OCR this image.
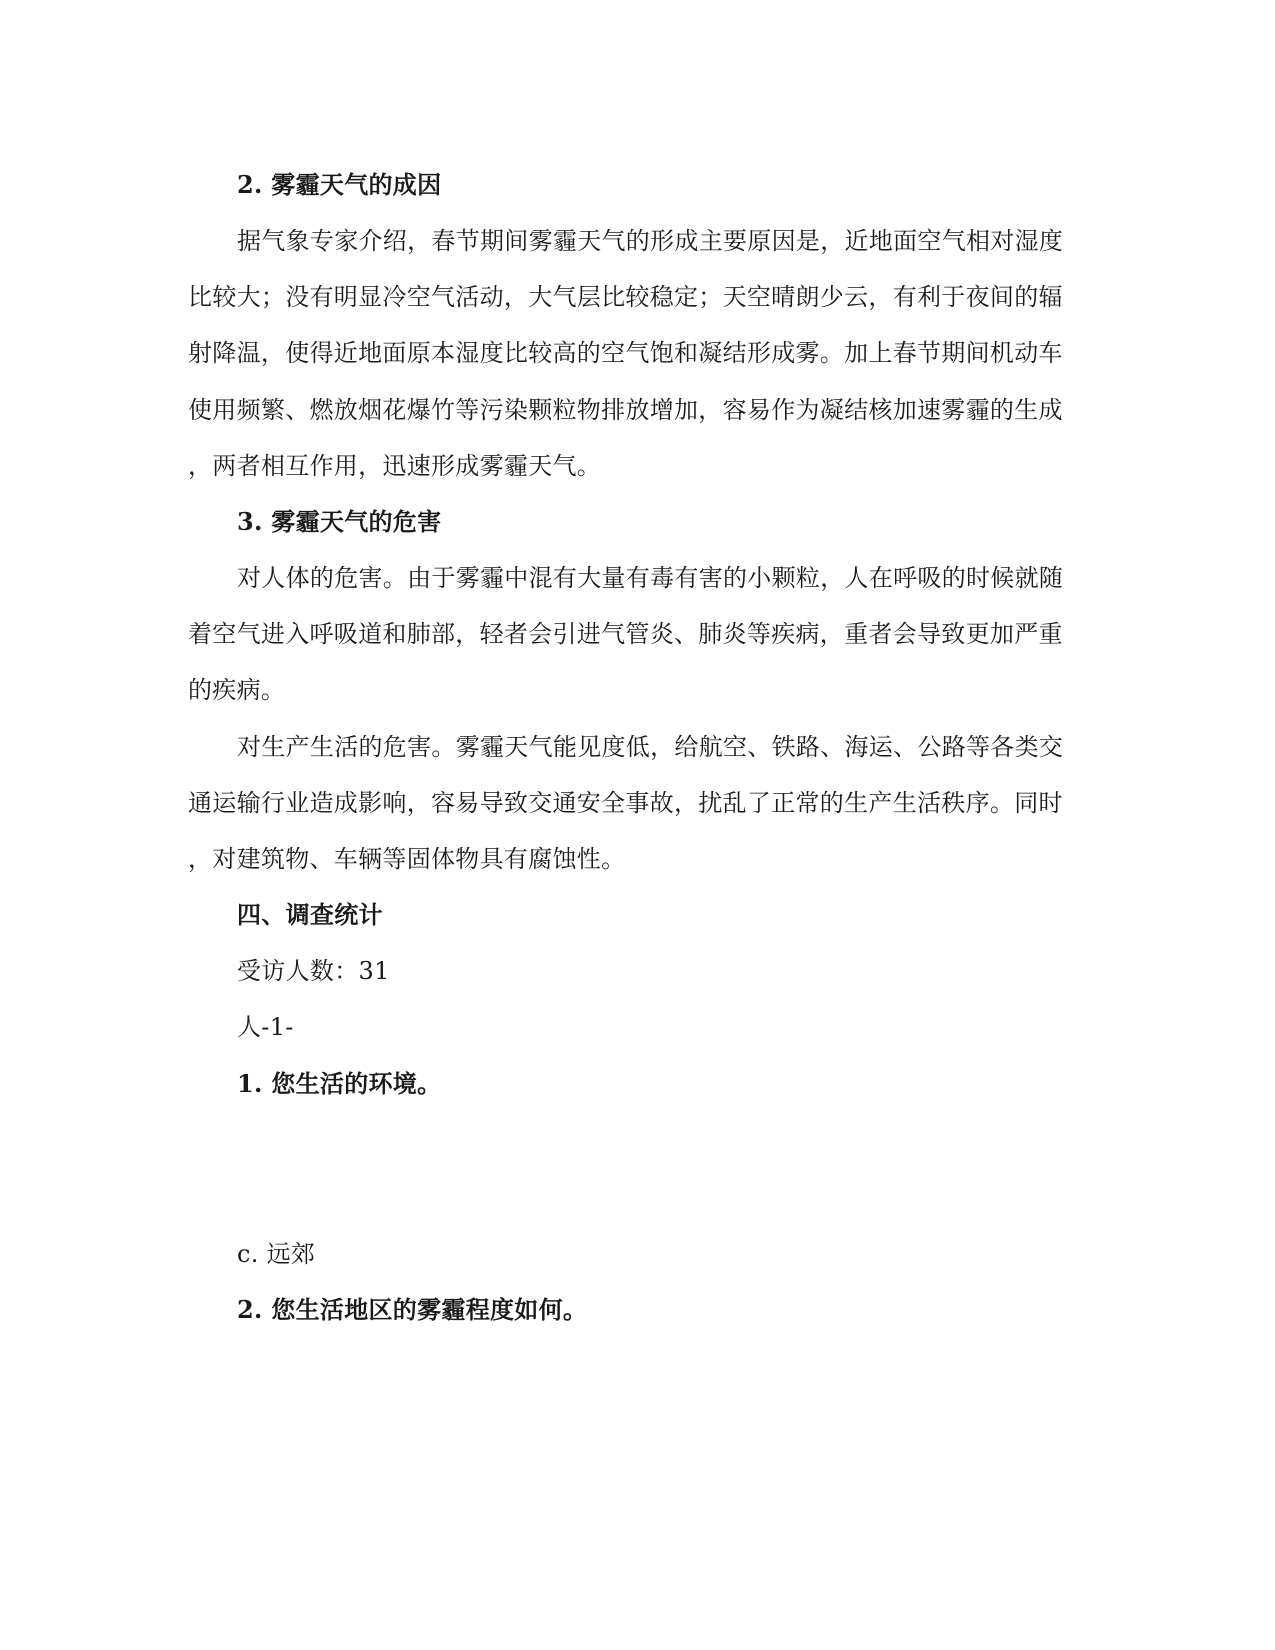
2. 雾霾天气的成因
据气象专家介绍，春节期间雾霾天气的形成主要原因是，近地面空气相对湿度
比较大；没有明显冷空气活动，大气层比较稳定；天空晴朗少云，有利于夜间的辐
射降温，使得近地面原本湿度比较高的空气饱和凝结形成雾。加上春节期间机动车
使用频繁、燃放烟花爆竹等污染颗粒物排放增加，容易作为凝结核加速雾霾的生成
，两者相互作用，迅速形成雾霾天气。
3. 雾霾天气的危害
对人体的危害。由于雾霾中混有大量有毒有害的小颗粒，人在呼吸的时候就随
着空气进入呼吸道和肺部，轻者会引进气管炎、肺炎等疾病，重者会导致更加严重
的疾病。
对生产生活的危害。雾霾天气能见度低，给航空、铁路、海运、公路等各类交
通运输行业造成影响，容易导致交通安全事故，扰乱了正常的生产生活秩序。同时
，对建筑物、车辆等固体物具有腐蚀性。
四、调查统计
受访人数：31
人-1-
1. 您生活的环境。
c. 远郊
2. 您生活地区的雾霾程度如何。
